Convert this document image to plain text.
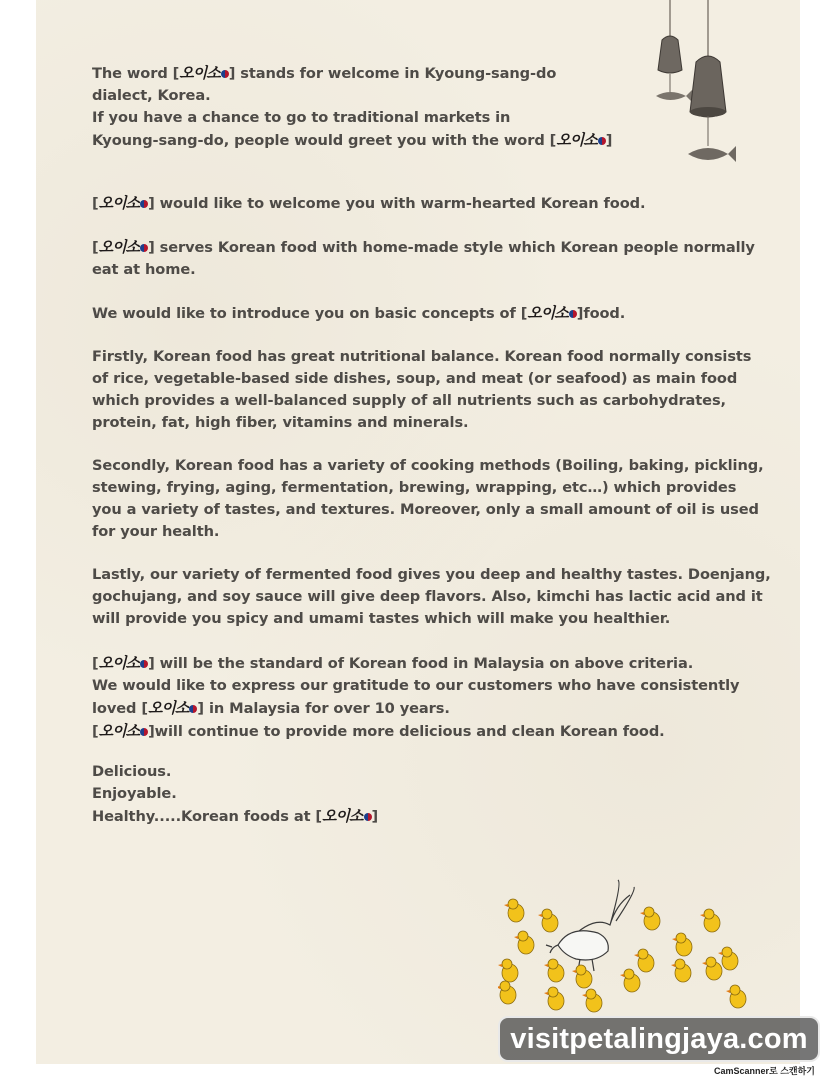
The word [오이소 ] stands for welcome in Kyoung-sang-do
dialect, Korea.
If you have a chance to go to traditional markets in
Kyoung-sang-do, people would greet you with the word [오이소 ]

[오이소 ] would like to welcome you with warm-hearted Korean food.

[오이소 ] serves Korean food with home-made style which Korean people normally
eat at home.

We would like to introduce you on basic concepts of [오이소 ]food.

Firstly, Korean food has great nutritional balance. Korean food normally consists
of rice, vegetable-based side dishes, soup, and meat (or seafood) as main food
which provides a well-balanced supply of all nutrients such as carbohydrates,
protein, fat, high fiber, vitamins and minerals.

Secondly, Korean food has a variety of cooking methods (Boiling, baking, pickling,
stewing, frying, aging, fermentation, brewing, wrapping, etc…) which provides
you a variety of tastes, and textures. Moreover, only a small amount of oil is used
for your health.

Lastly, our variety of fermented food gives you deep and healthy tastes. Doenjang,
gochujang, and soy sauce will give deep flavors. Also, kimchi has lactic acid and it
will provide you spicy and umami tastes which will make you healthier.

[오이소 ] will be the standard of Korean food in Malaysia on above criteria.
We would like to express our gratitude to our customers who have consistently
loved [오이소 ] in Malaysia for over 10 years.
[오이소 ]will continue to provide more delicious and clean Korean food.

Delicious.
Enjoyable.
Healthy.....Korean foods at [오이소 ]

visitpetalingjaya.com
CamScanner로 스캔하기
